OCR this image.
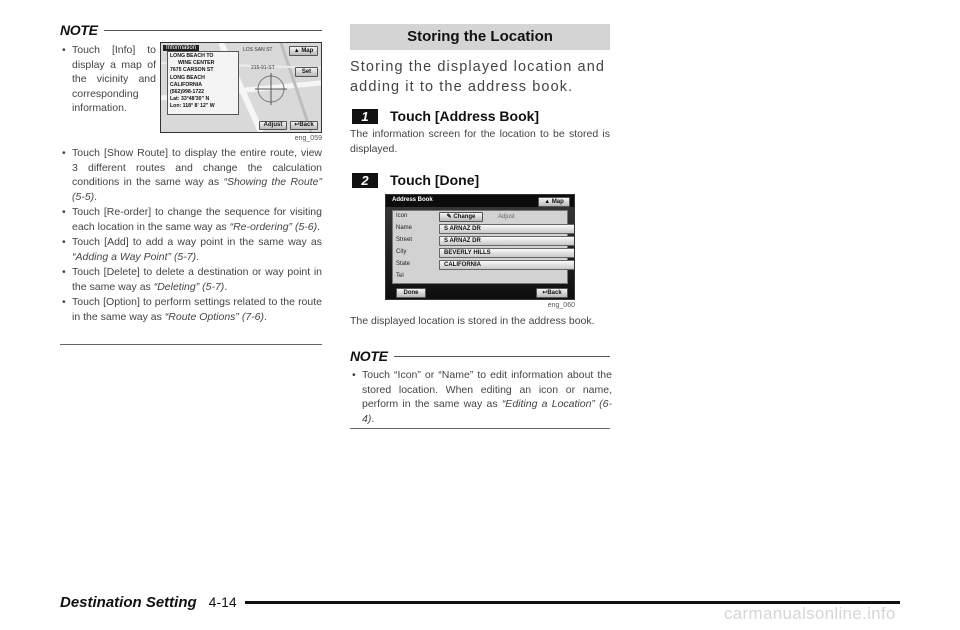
NOTE
• Touch [Info] to display a map of the vicinity and corresponding information.
Information	LOS SAN ST
215-91-ST
LONG BEACH TO
WINE CENTER
7675 CARSON ST
LONG BEACH
CALIFORNIA
(562)998-1722
Lat: 33°48'30" N
Lon: 118° 8' 12" W
▲ Map
Set
Adjust	↩Back
eng_059
• Touch [Show Route] to display the entire route, view 3 different routes and change the calculation conditions in the same way as “Showing the Route” (5-5).
• Touch [Re-order] to change the sequence for visiting each location in the same way as “Re-ordering” (5-6).
• Touch [Add] to add a way point in the same way as “Adding a Way Point” (5-7).
• Touch [Delete] to delete a destination or way point in the same way as “Deleting” (5-7).
• Touch [Option] to perform settings related to the route in the same way as “Route Options” (7-6).
Storing the Location
Storing the displayed location and adding it to the address book.
1	Touch [Address Book]
The information screen for the location to be stored is displayed.
2	Touch [Done]
Address Book	▲ Map
Icon	✎ Change	Adjust
Name	S ARNAZ DR
Street	S ARNAZ DR
City	BEVERLY HILLS
State	CALIFORNIA
Tel
Done	↩Back
eng_060
The displayed location is stored in the address book.
NOTE
• Touch “Icon” or “Name” to edit information about the stored location. When editing an icon or name, perform in the same way as “Editing a Location” (6-4).
Destination Setting 4-14
carmanualsonline.info
